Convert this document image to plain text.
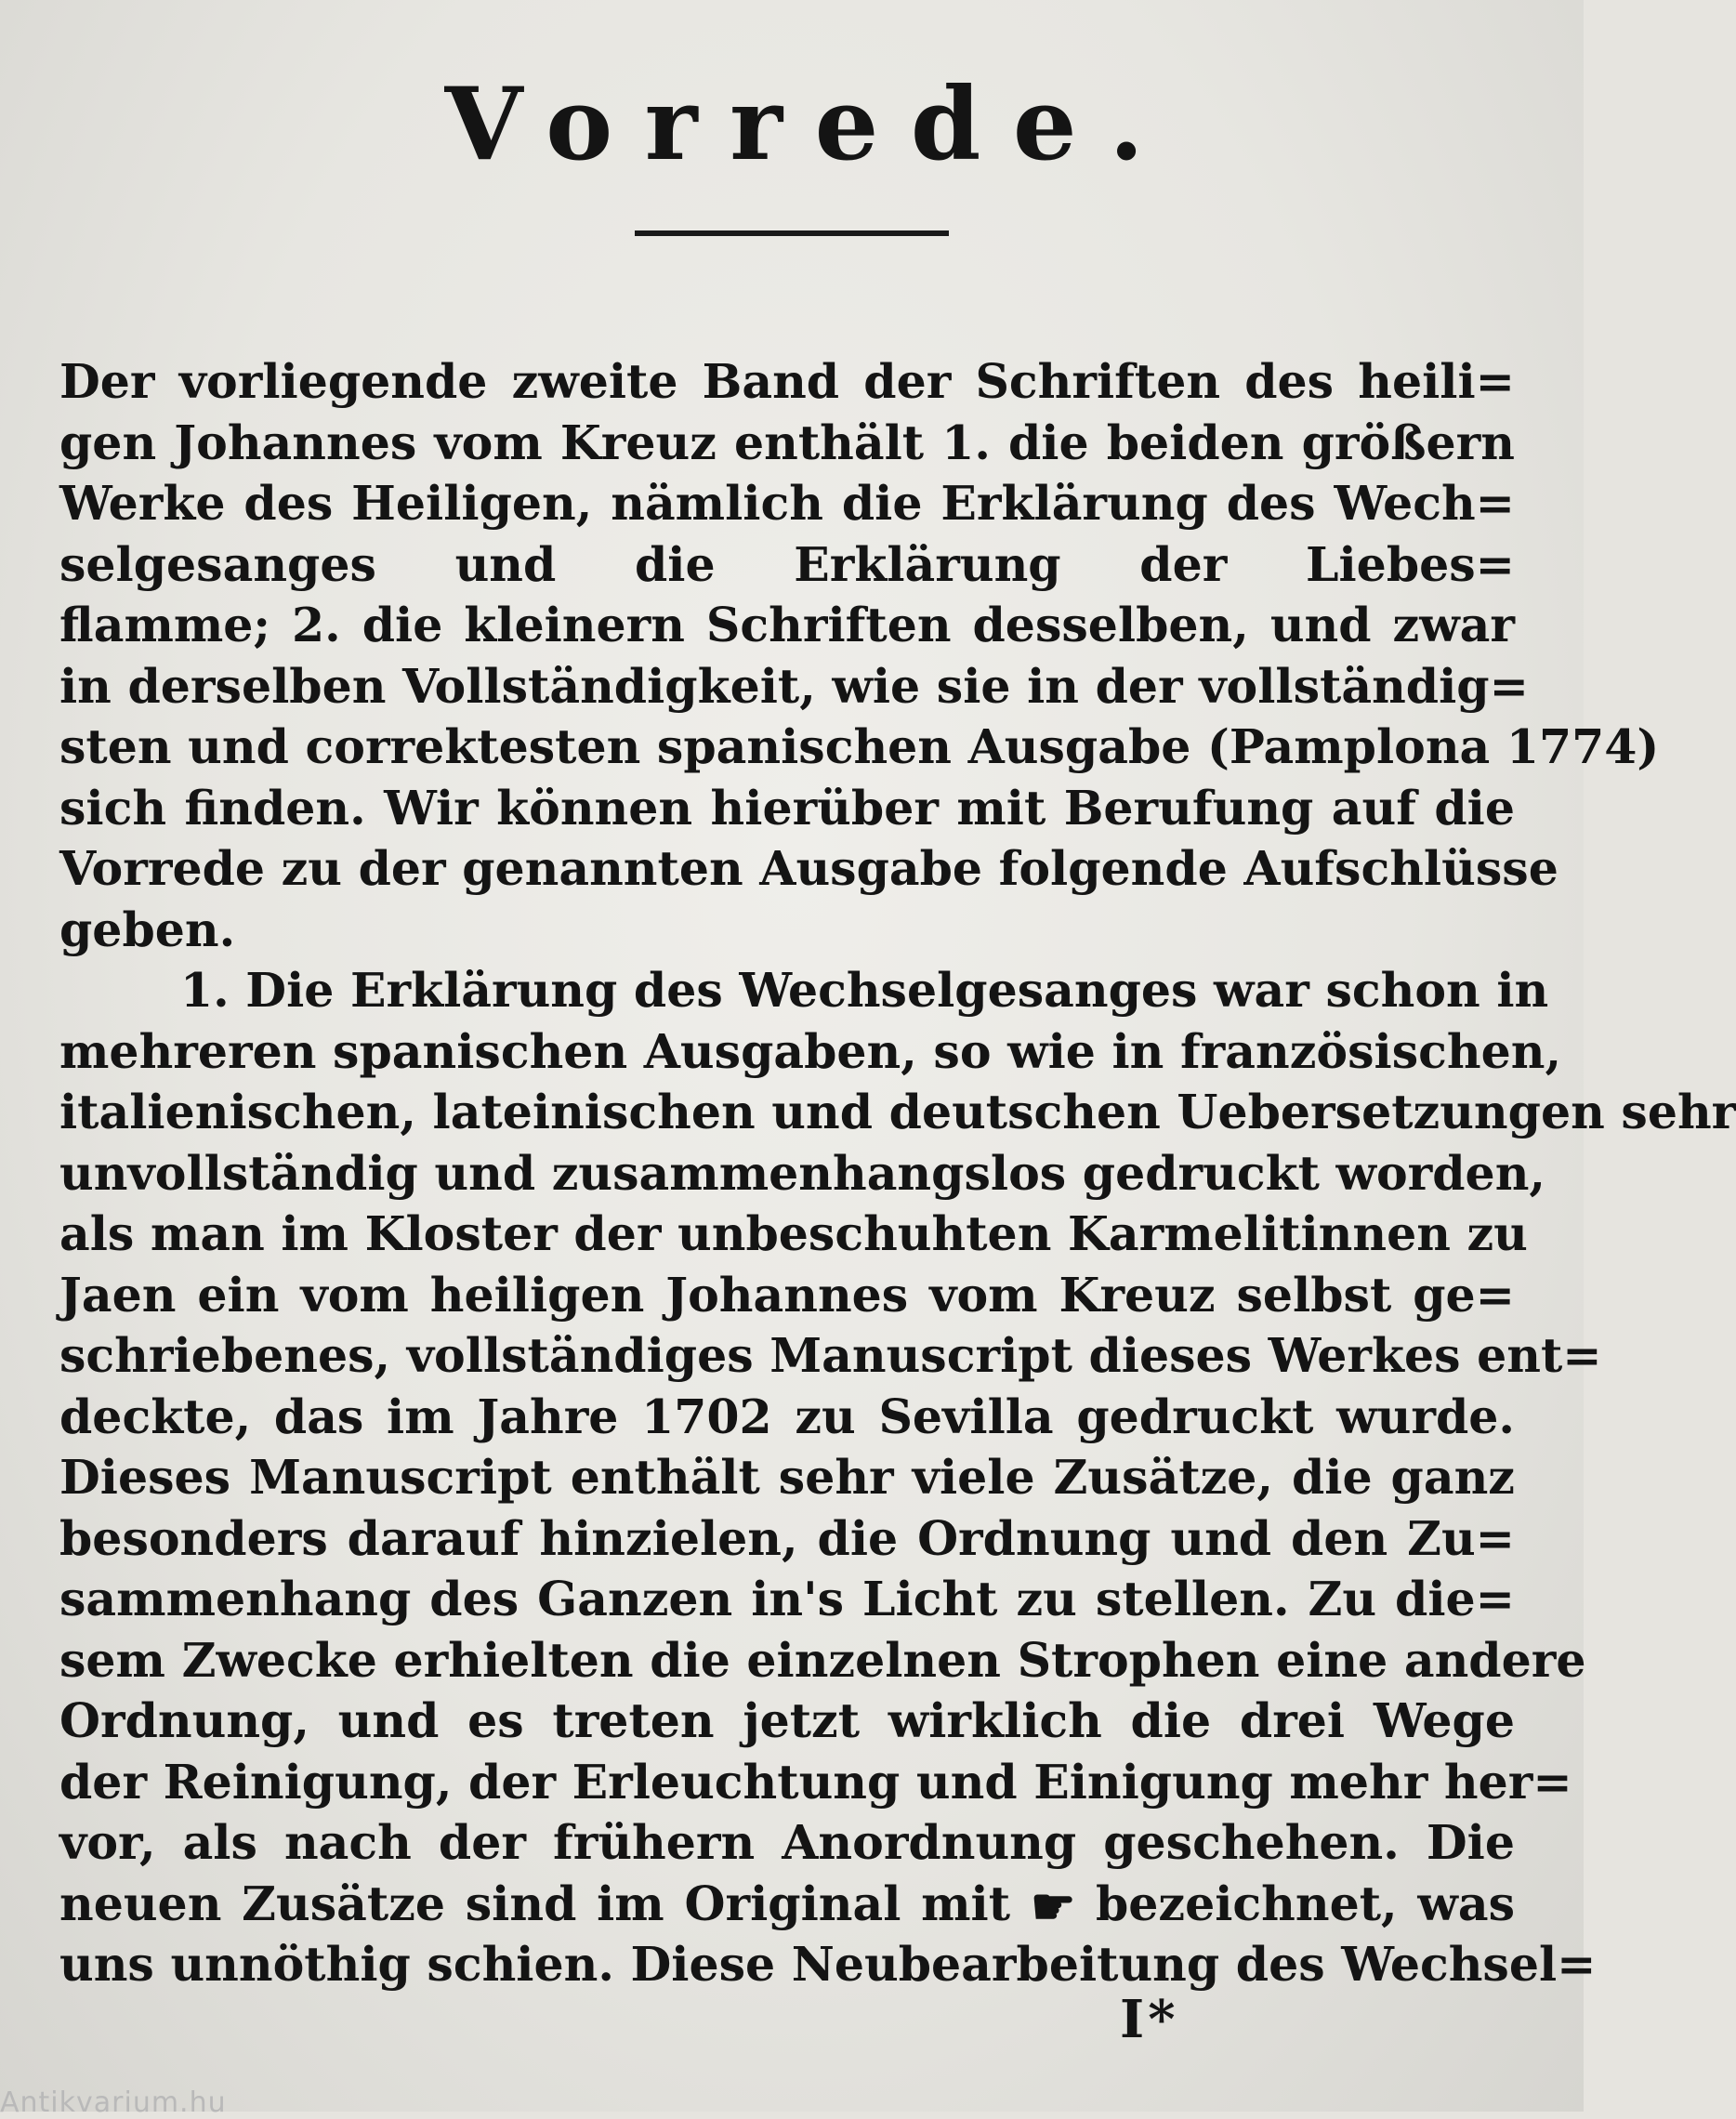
Vorrede.
Der vorliegende zweite Band der Schriften des heili=
gen Johannes vom Kreuz enthält 1. die beiden größern
Werke des Heiligen, nämlich die Erklärung des Wech=
selgesanges und die Erklärung der Liebes=
flamme; 2. die kleinern Schriften desselben, und zwar
in derselben Vollständigkeit, wie sie in der vollständig=
sten und correktesten spanischen Ausgabe (Pamplona 1774)
sich finden. Wir können hierüber mit Berufung auf die
Vorrede zu der genannten Ausgabe folgende Aufschlüsse
geben.
1. Die Erklärung des Wechselgesanges war schon in
mehreren spanischen Ausgaben, so wie in französischen,
italienischen, lateinischen und deutschen Uebersetzungen sehr
unvollständig und zusammenhangslos gedruckt worden,
als man im Kloster der unbeschuhten Karmelitinnen zu
Jaen ein vom heiligen Johannes vom Kreuz selbst ge=
schriebenes, vollständiges Manuscript dieses Werkes ent=
deckte, das im Jahre 1702 zu Sevilla gedruckt wurde.
Dieses Manuscript enthält sehr viele Zusätze, die ganz
besonders darauf hinzielen, die Ordnung und den Zu=
sammenhang des Ganzen in's Licht zu stellen. Zu die=
sem Zwecke erhielten die einzelnen Strophen eine andere
Ordnung, und es treten jetzt wirklich die drei Wege
der Reinigung, der Erleuchtung und Einigung mehr her=
vor, als nach der frühern Anordnung geschehen. Die
neuen Zusätze sind im Original mit ☚ bezeichnet, was
uns unnöthig schien. Diese Neubearbeitung des Wechsel=
I*
Antikvarium.hu
